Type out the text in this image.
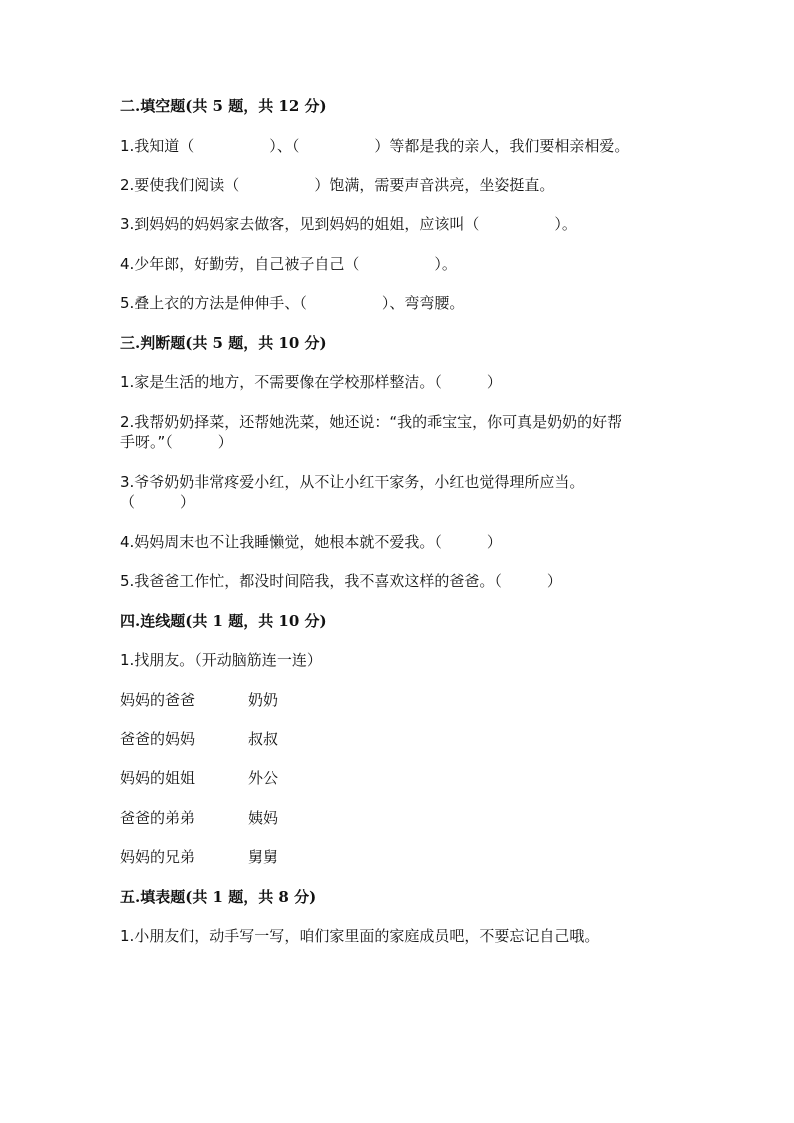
二.填空题(共 5 题，共 12 分)
1.我知道（　　　　　）、（　　　　　）等都是我的亲人，我们要相亲相爱。
2.要使我们阅读（　　　　　）饱满，需要声音洪亮，坐姿挺直。
3.到妈妈的妈妈家去做客，见到妈妈的姐姐，应该叫（　　　　　）。
4.少年郎，好勤劳，自己被子自己（　　　　　）。
5.叠上衣的方法是伸伸手、（　　　　　）、弯弯腰。
三.判断题(共 5 题，共 10 分)
1.家是生活的地方，不需要像在学校那样整洁。（　　　）
2.我帮奶奶择菜，还帮她洗菜，她还说：“我的乖宝宝，你可真是奶奶的好帮
手呀。”（　　　）
3.爷爷奶奶非常疼爱小红，从不让小红干家务，小红也觉得理所应当。
（　　　）
4.妈妈周末也不让我睡懒觉，她根本就不爱我。（　　　）
5.我爸爸工作忙，都没时间陪我，我不喜欢这样的爸爸。（　　　）
四.连线题(共 1 题，共 10 分)
1.找朋友。（开动脑筋连一连）
妈妈的爸爸	奶奶
爸爸的妈妈	叔叔
妈妈的姐姐	外公
爸爸的弟弟	姨妈
妈妈的兄弟	舅舅
五.填表题(共 1 题，共 8 分)
1.小朋友们，动手写一写，咱们家里面的家庭成员吧，不要忘记自己哦。
